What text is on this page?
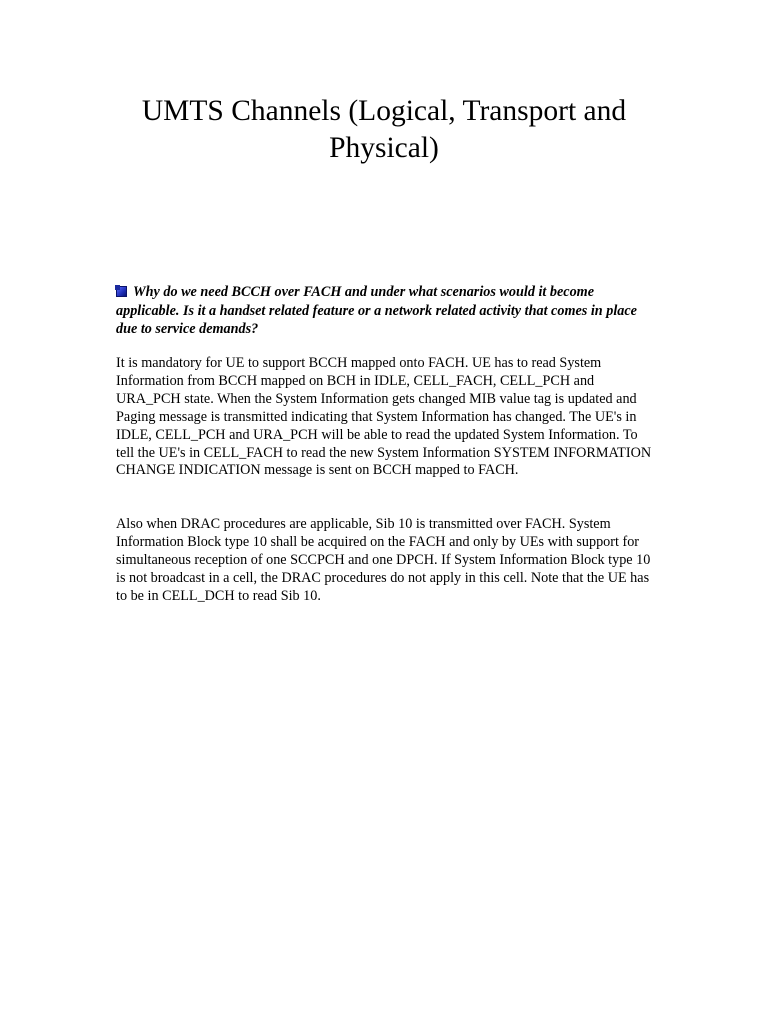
UMTS Channels (Logical, Transport and Physical)

Why do we need BCCH over FACH and under what scenarios would it become applicable. Is it a handset related feature or a network related activity that comes in place due to service demands?

It is mandatory for UE to support BCCH mapped onto FACH. UE has to read System Information from BCCH mapped on BCH in IDLE, CELL_FACH, CELL_PCH and URA_PCH state. When the System Information gets changed MIB value tag is updated and Paging message is transmitted indicating that System Information has changed. The UE's in IDLE, CELL_PCH and URA_PCH will be able to read the updated System Information. To tell the UE's in CELL_FACH to read the new System Information SYSTEM INFORMATION CHANGE INDICATION message is sent on BCCH mapped to FACH.

Also when DRAC procedures are applicable, Sib 10 is transmitted over FACH. System Information Block type 10 shall be acquired on the FACH and only by UEs with support for simultaneous reception of one SCCPCH and one DPCH. If System Information Block type 10 is not broadcast in a cell, the DRAC procedures do not apply in this cell. Note that the UE has to be in CELL_DCH to read Sib 10.
